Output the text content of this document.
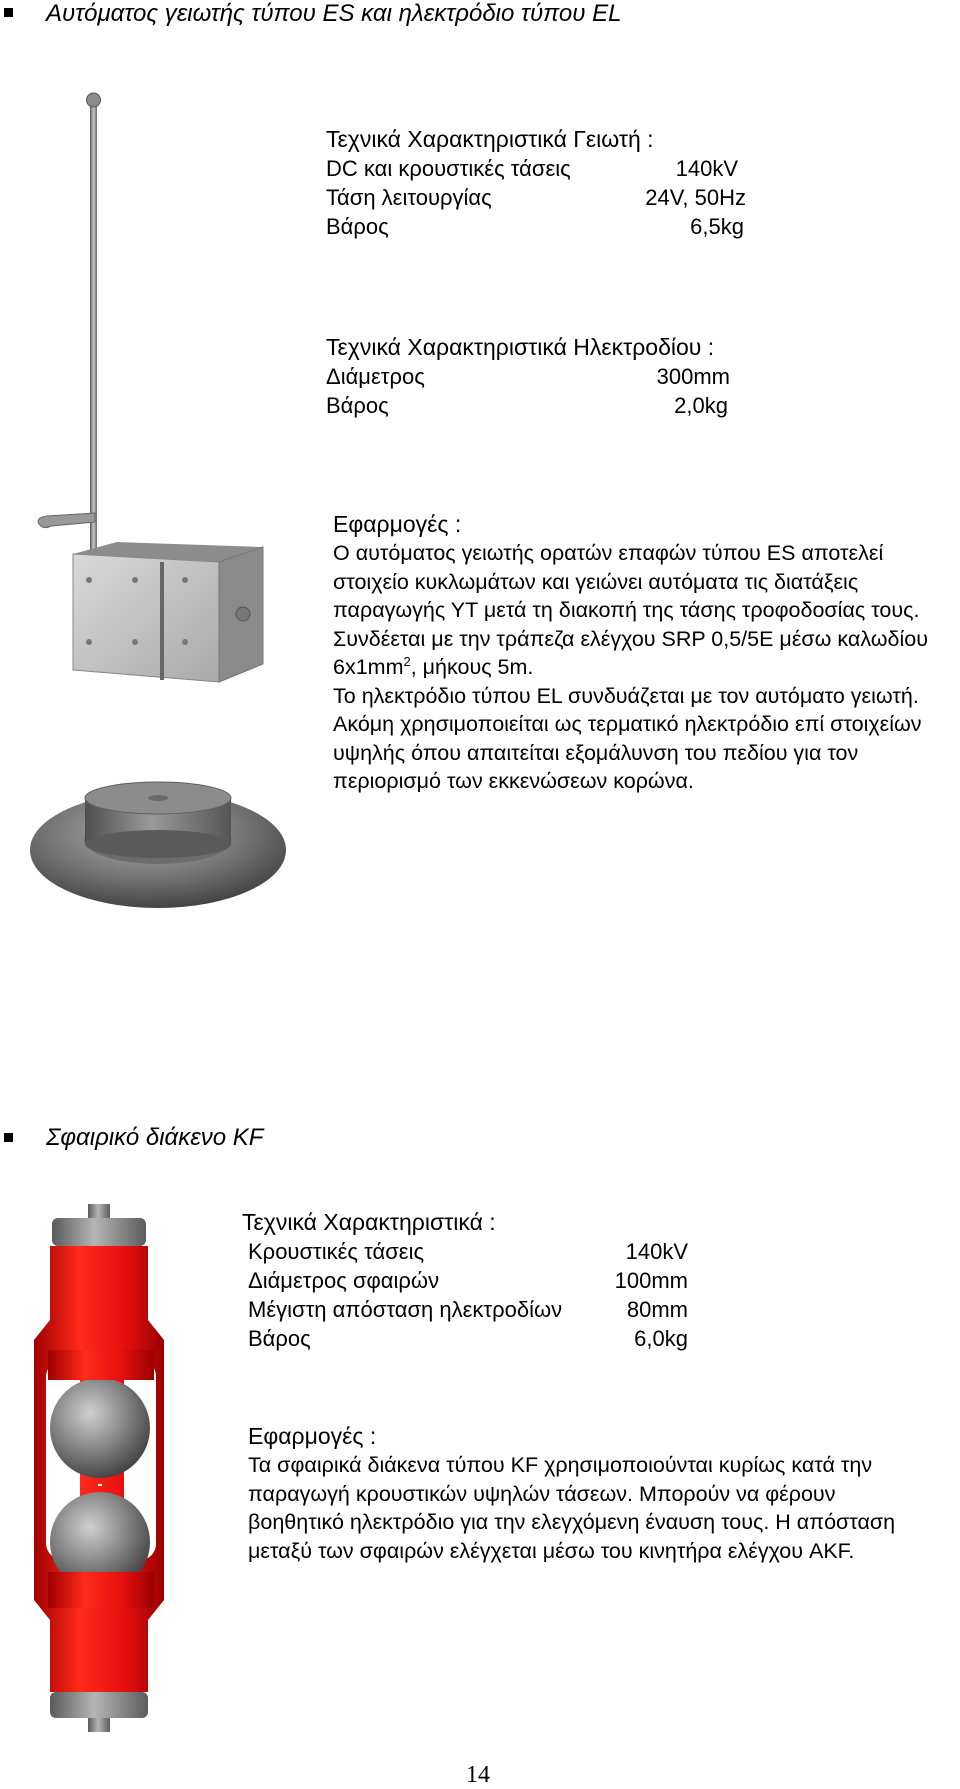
Αυτόματος γειωτής τύπου ES και ηλεκτρόδιο τύπου EL
Τεχνικά Χαρακτηριστικά Γειωτή :
DC και κρουστικές τάσεις	140kV
Τάση λειτουργίας	24V, 50Hz
Βάρος	6,5kg
Τεχνικά Χαρακτηριστικά Ηλεκτροδίου :
Διάμετρος	300mm
Βάρος	2,0kg
Εφαρμογές :

Ο αυτόματος γειωτής ορατών επαφών τύπου ES αποτελεί στοιχείο κυκλωμάτων και γειώνει αυτόματα τις διατάξεις παραγωγής ΥΤ μετά τη διακοπή της τάσης τροφοδοσίας τους. Συνδέεται με την τράπεζα ελέγχου SRP 0,5/5E μέσω καλωδίου $6x1mm^2$, μήκους 5m.

Το ηλεκτρόδιο τύπου EL συνδυάζεται με τον αυτόματο γειωτή. Ακόμη χρησιμοποιείται ως τερματικό ηλεκτρόδιο επί στοιχείων υψηλής όπου απαιτείται εξομάλυνση του πεδίου για τον περιορισμό των εκκενώσεων κορώνα.

Σφαιρικό διάκενο KF
Τεχνικά Χαρακτηριστικά :
Κρουστικές τάσεις	140kV
Διάμετρος σφαιρών	100mm
Μέγιστη απόσταση ηλεκτροδίων	80mm
Βάρος	6,0kg
Εφαρμογές :
Τα σφαιρικά διάκενα τύπου KF χρησιμοποιούνται κυρίως κατά την παραγωγή κρουστικών υψηλών τάσεων. Μπορούν να φέρουν βοηθητικό ηλεκτρόδιο για την ελεγχόμενη έναυση τους. Η απόσταση μεταξύ των σφαιρών ελέγχεται μέσω του κινητήρα ελέγχου AKF.
14
